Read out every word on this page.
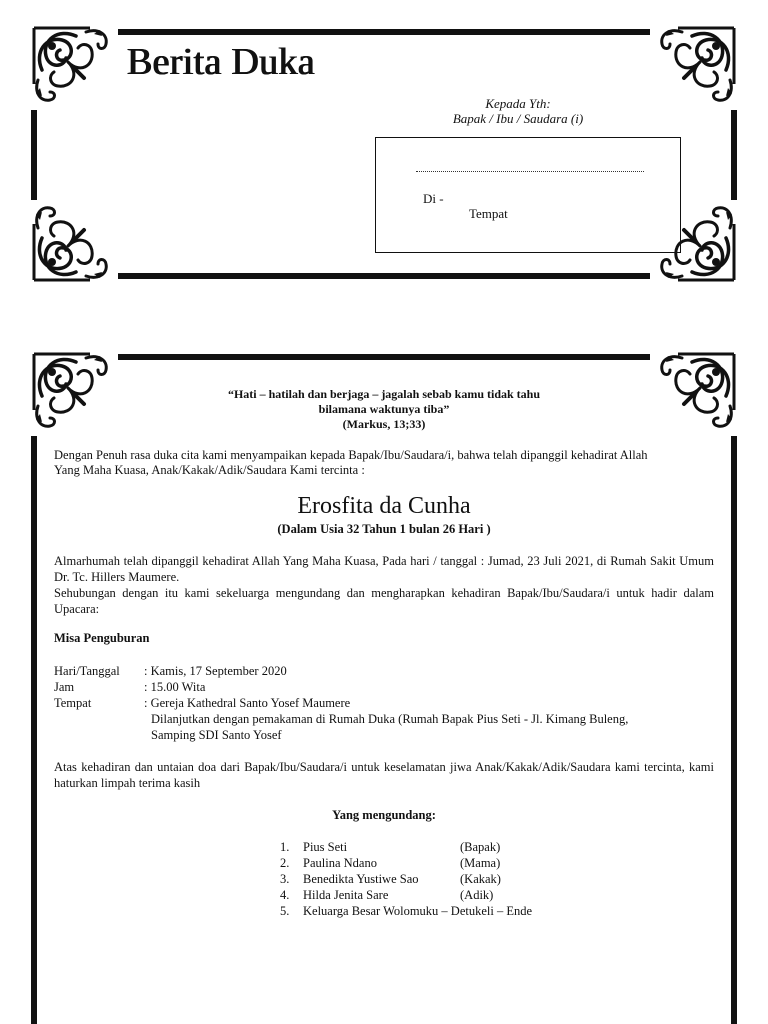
Berita Duka
Kepada Yth:
Bapak / Ibu / Saudara (i)
Di -
Tempat
“Hati – hatilah dan berjaga – jagalah sebab kamu tidak tahu
bilamana waktunya tiba”
(Markus, 13;33)
Dengan Penuh rasa duka cita kami menyampaikan kepada Bapak/Ibu/Saudara/i, bahwa telah dipanggil kehadirat Allah
Yang Maha Kuasa, Anak/Kakak/Adik/Saudara Kami tercinta :
Erosfita da Cunha
(Dalam Usia 32 Tahun 1 bulan 26 Hari )
Almarhumah telah dipanggil kehadirat Allah Yang Maha Kuasa, Pada hari / tanggal : Jumad, 23 Juli 2021, di Rumah Sakit Umum Dr. Tc. Hillers Maumere.
Sehubungan dengan itu kami sekeluarga mengundang dan mengharapkan kehadiran Bapak/Ibu/Saudara/i untuk hadir dalam Upacara:
Misa Penguburan
Hari/Tanggal	: Kamis, 17 September 2020
Jam	: 15.00 Wita
Tempat	: Gereja Kathedral Santo Yosef Maumere
Dilanjutkan dengan pemakaman di Rumah Duka (Rumah Bapak Pius Seti - Jl. Kimang Buleng,
Samping SDI Santo Yosef
Atas kehadiran dan untaian doa dari Bapak/Ibu/Saudara/i untuk keselamatan jiwa Anak/Kakak/Adik/Saudara kami tercinta, kami haturkan limpah terima kasih
Yang mengundang:
1.	Pius Seti	(Bapak)
2.	Paulina Ndano	(Mama)
3.	Benedikta Yustiwe Sao	(Kakak)
4.	Hilda Jenita Sare	(Adik)
5.	Keluarga Besar Wolomuku – Detukeli – Ende
